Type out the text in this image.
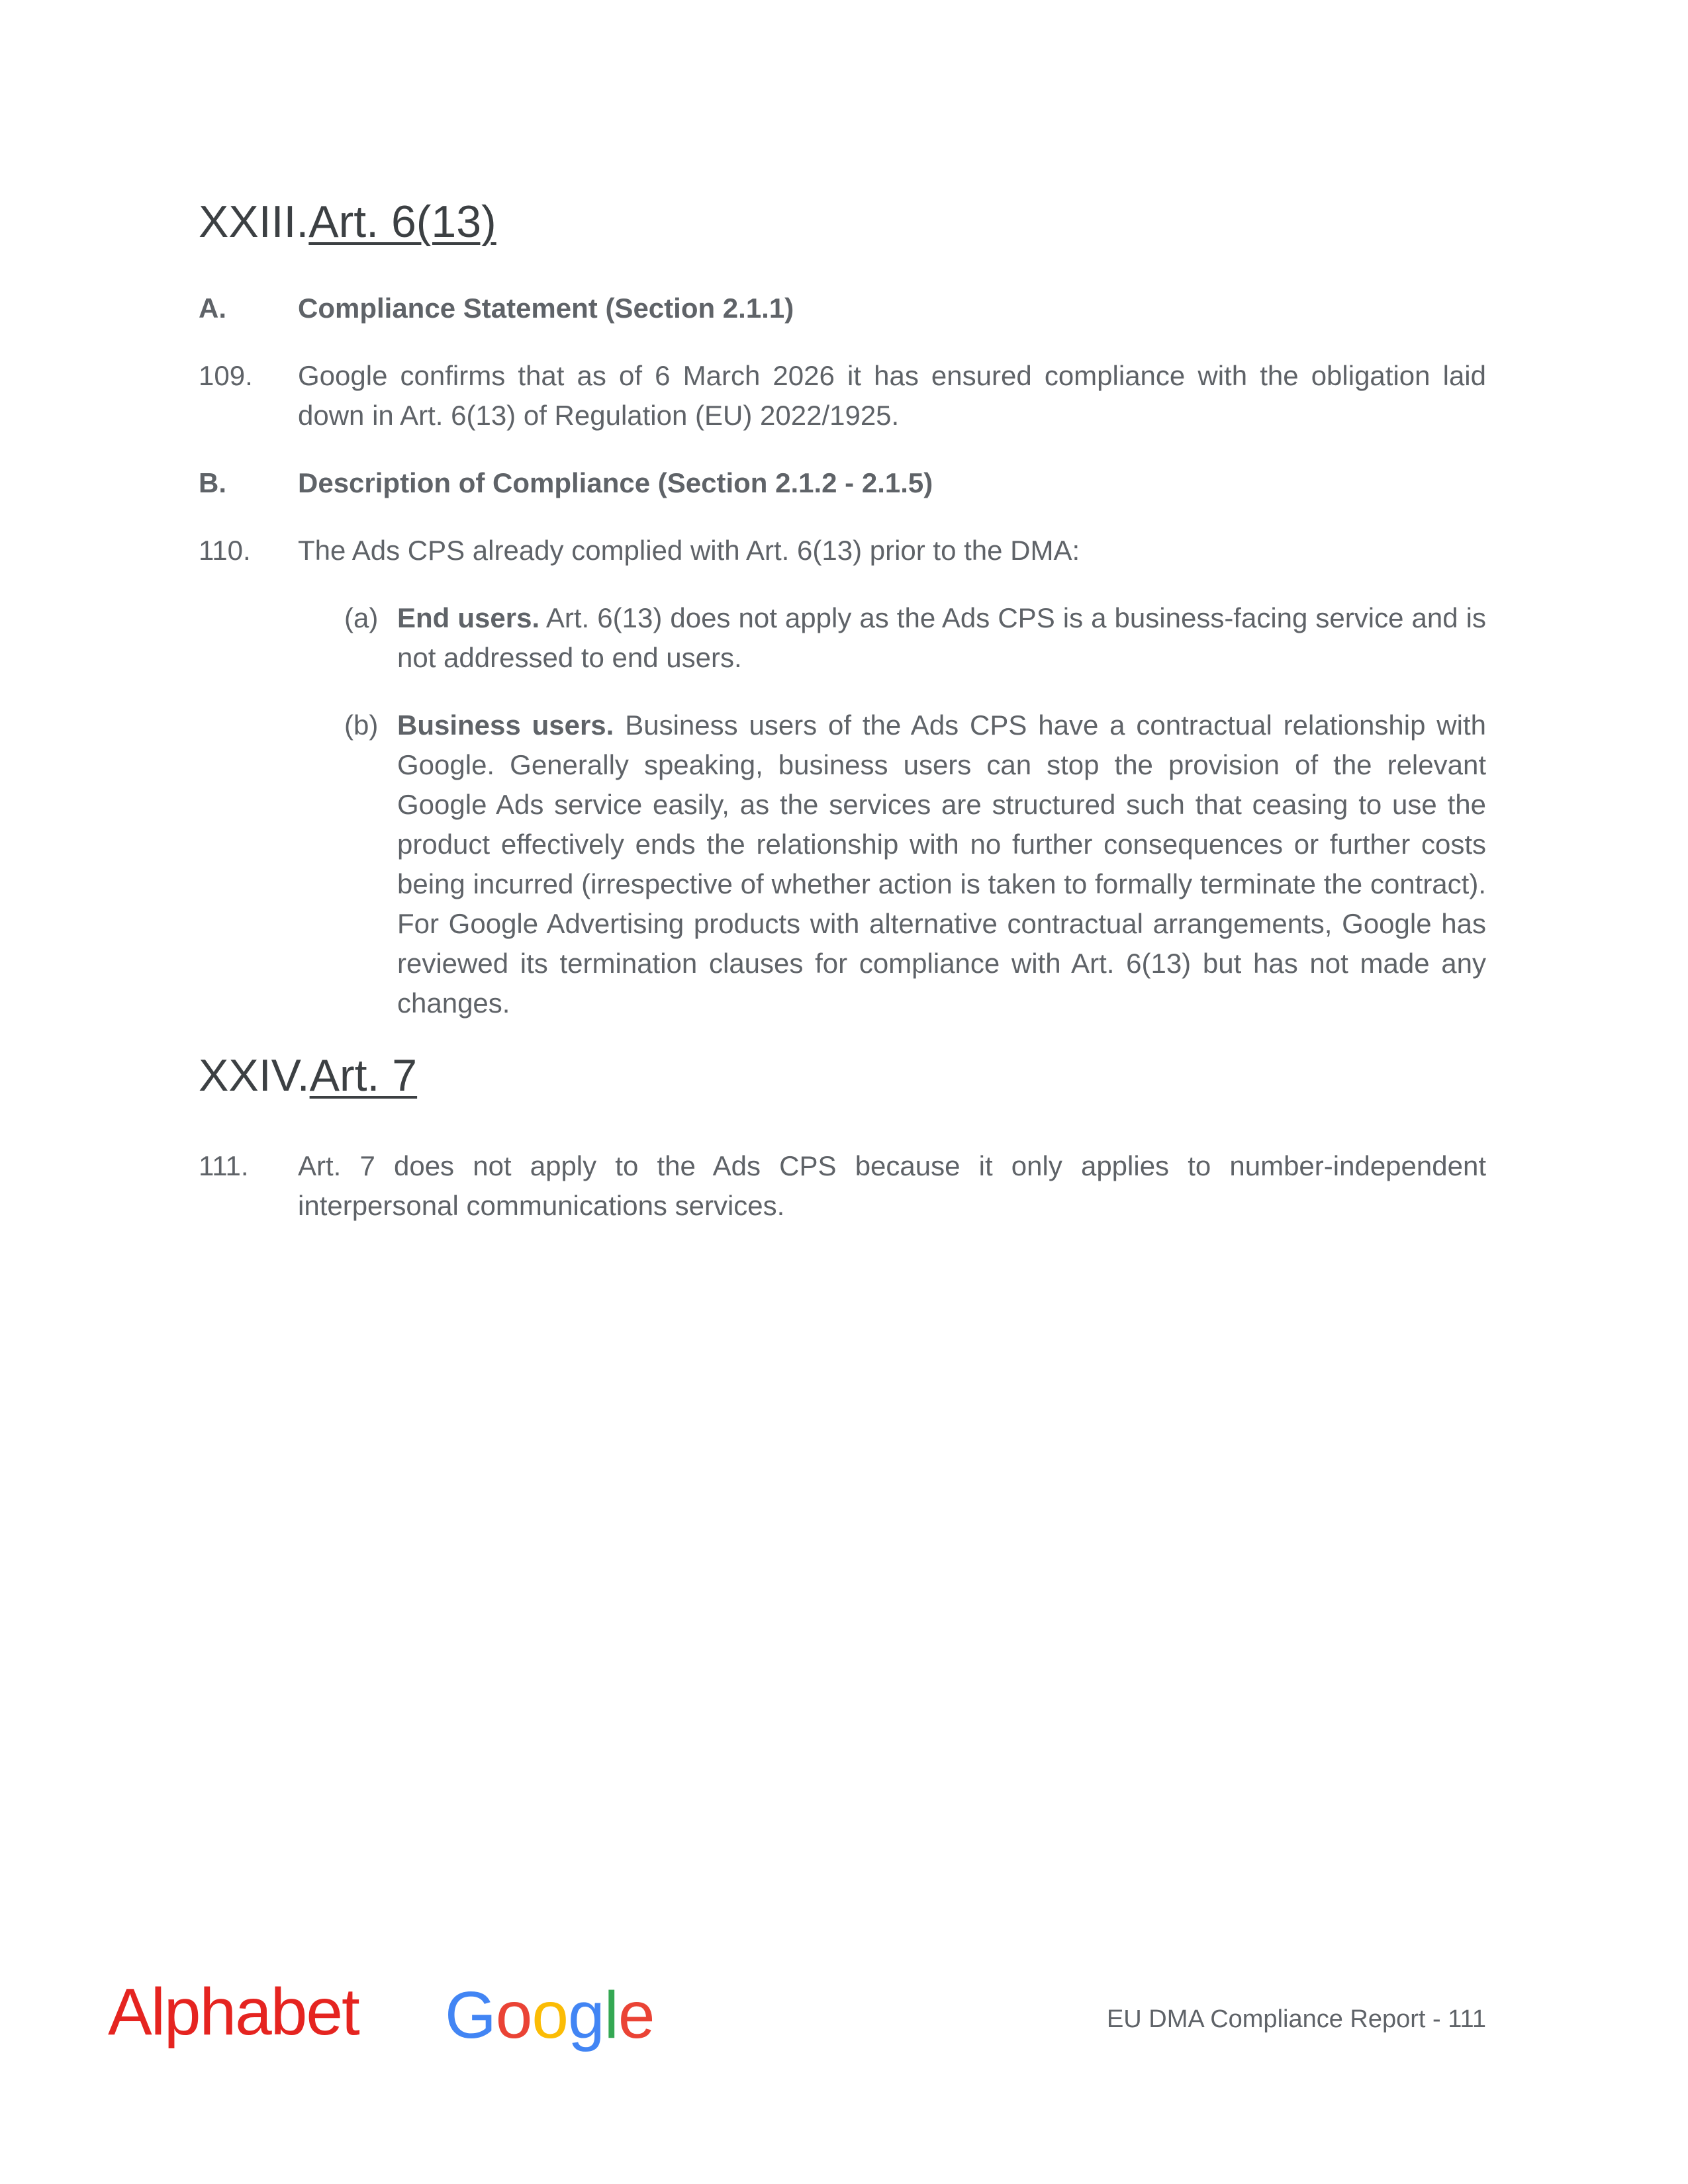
XXIII.Art. 6(13)
A.	Compliance Statement (Section 2.1.1)
109. Google confirms that as of 6 March 2026 it has ensured compliance with the obligation laid down in Art. 6(13) of Regulation (EU) 2022/1925.

B.	Description of Compliance (Section 2.1.2 - 2.1.5)
110. The Ads CPS already complied with Art. 6(13) prior to the DMA:

(a) End users. Art. 6(13) does not apply as the Ads CPS is a business-facing service and is not addressed to end users.

(b) Business users. Business users of the Ads CPS have a contractual relationship with Google. Generally speaking, business users can stop the provision of the relevant Google Ads service easily, as the services are structured such that ceasing to use the product effectively ends the relationship with no further consequences or further costs being incurred (irrespective of whether action is taken to formally terminate the contract). For Google Advertising products with alternative contractual arrangements, Google has reviewed its termination clauses for compliance with Art. 6(13) but has not made any changes.

XXIV.Art. 7
111. Art. 7 does not apply to the Ads CPS because it only applies to number-independent interpersonal communications services.

Alphabet Google	EU DMA Compliance Report - 111
